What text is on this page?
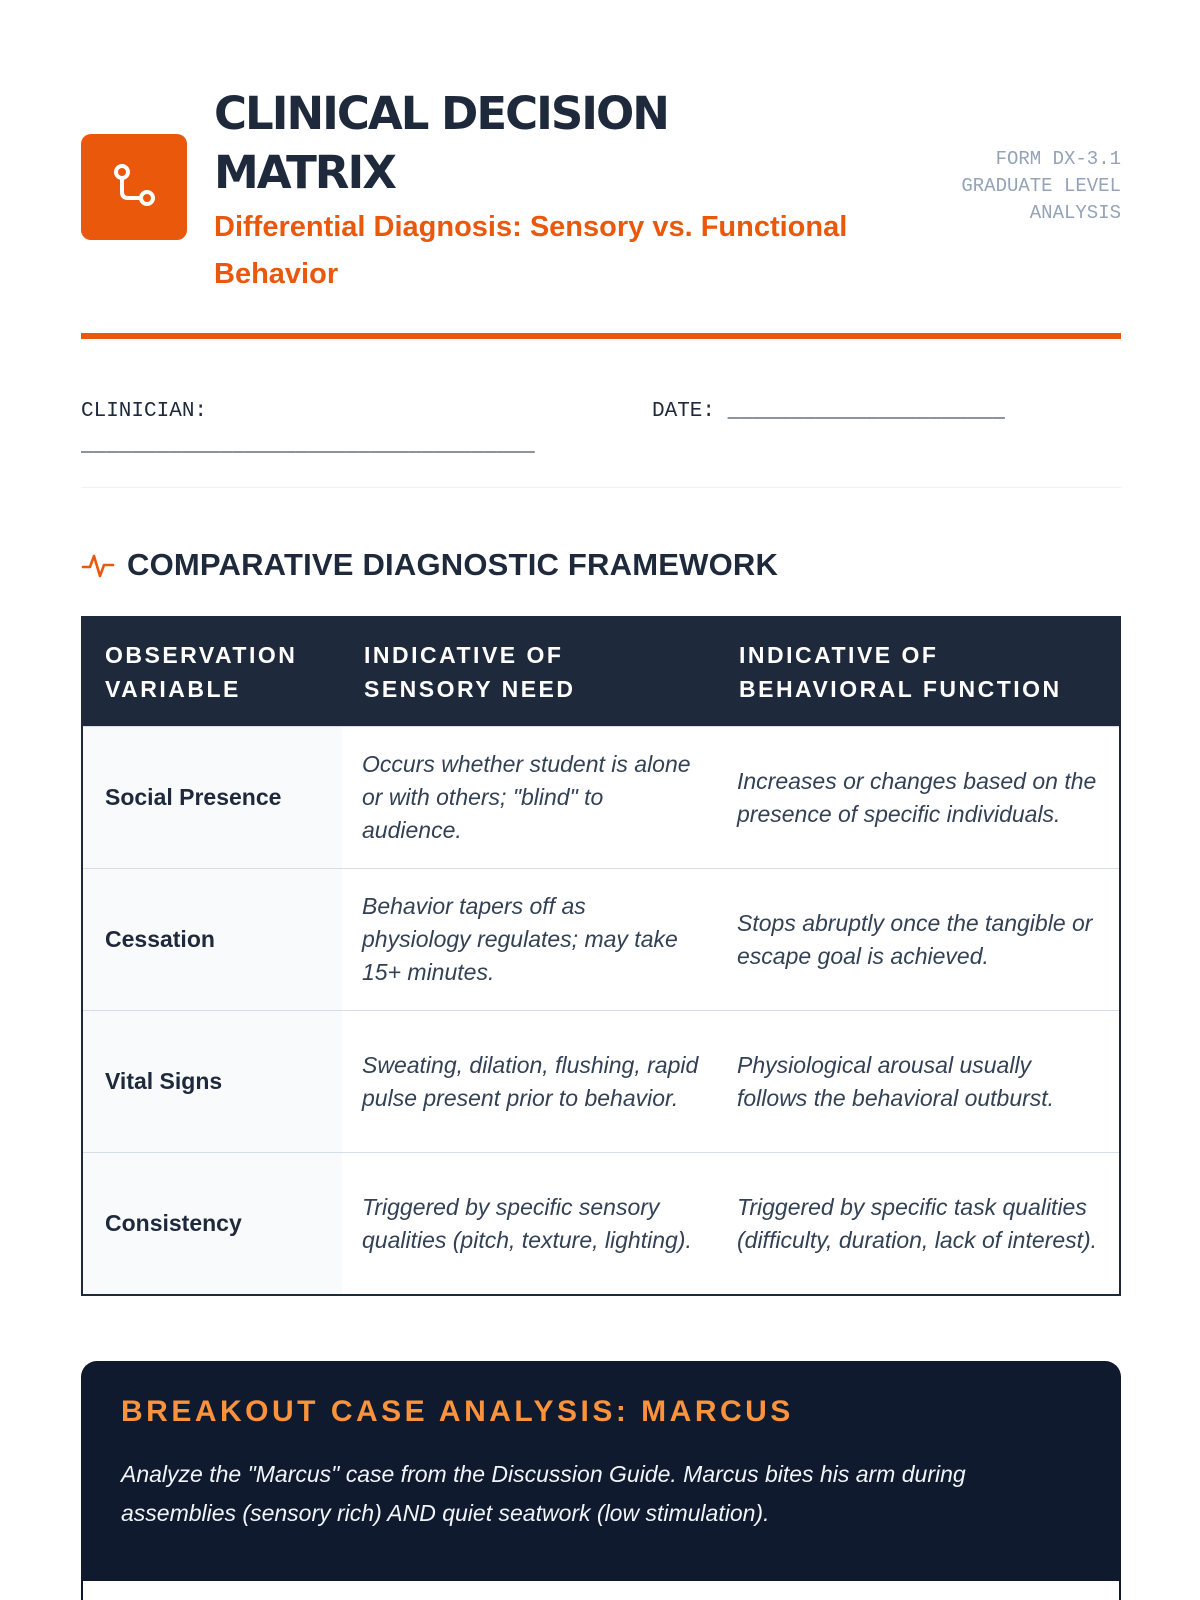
CLINICAL DECISION
MATRIX
Differential Diagnosis: Sensory vs. Functional Behavior
FORM DX-3.1
GRADUATE LEVEL
ANALYSIS
CLINICIAN:
____________________________________
DATE: ______________________
COMPARATIVE DIAGNOSTIC FRAMEWORK
OBSERVATION VARIABLE
INDICATIVE OF SENSORY NEED
INDICATIVE OF BEHAVIORAL FUNCTION
Social Presence
Occurs whether student is alone or with others; "blind" to audience.
Increases or changes based on the presence of specific individuals.
Cessation
Behavior tapers off as physiology regulates; may take 15+ minutes.
Stops abruptly once the tangible or escape goal is achieved.
Vital Signs
Sweating, dilation, flushing, rapid pulse present prior to behavior.
Physiological arousal usually follows the behavioral outburst.
Consistency
Triggered by specific sensory qualities (pitch, texture, lighting).
Triggered by specific task qualities (difficulty, duration, lack of interest).
BREAKOUT CASE ANALYSIS: MARCUS
Analyze the "Marcus" case from the Discussion Guide. Marcus bites his arm during assemblies (sensory rich) AND quiet seatwork (low stimulation).
